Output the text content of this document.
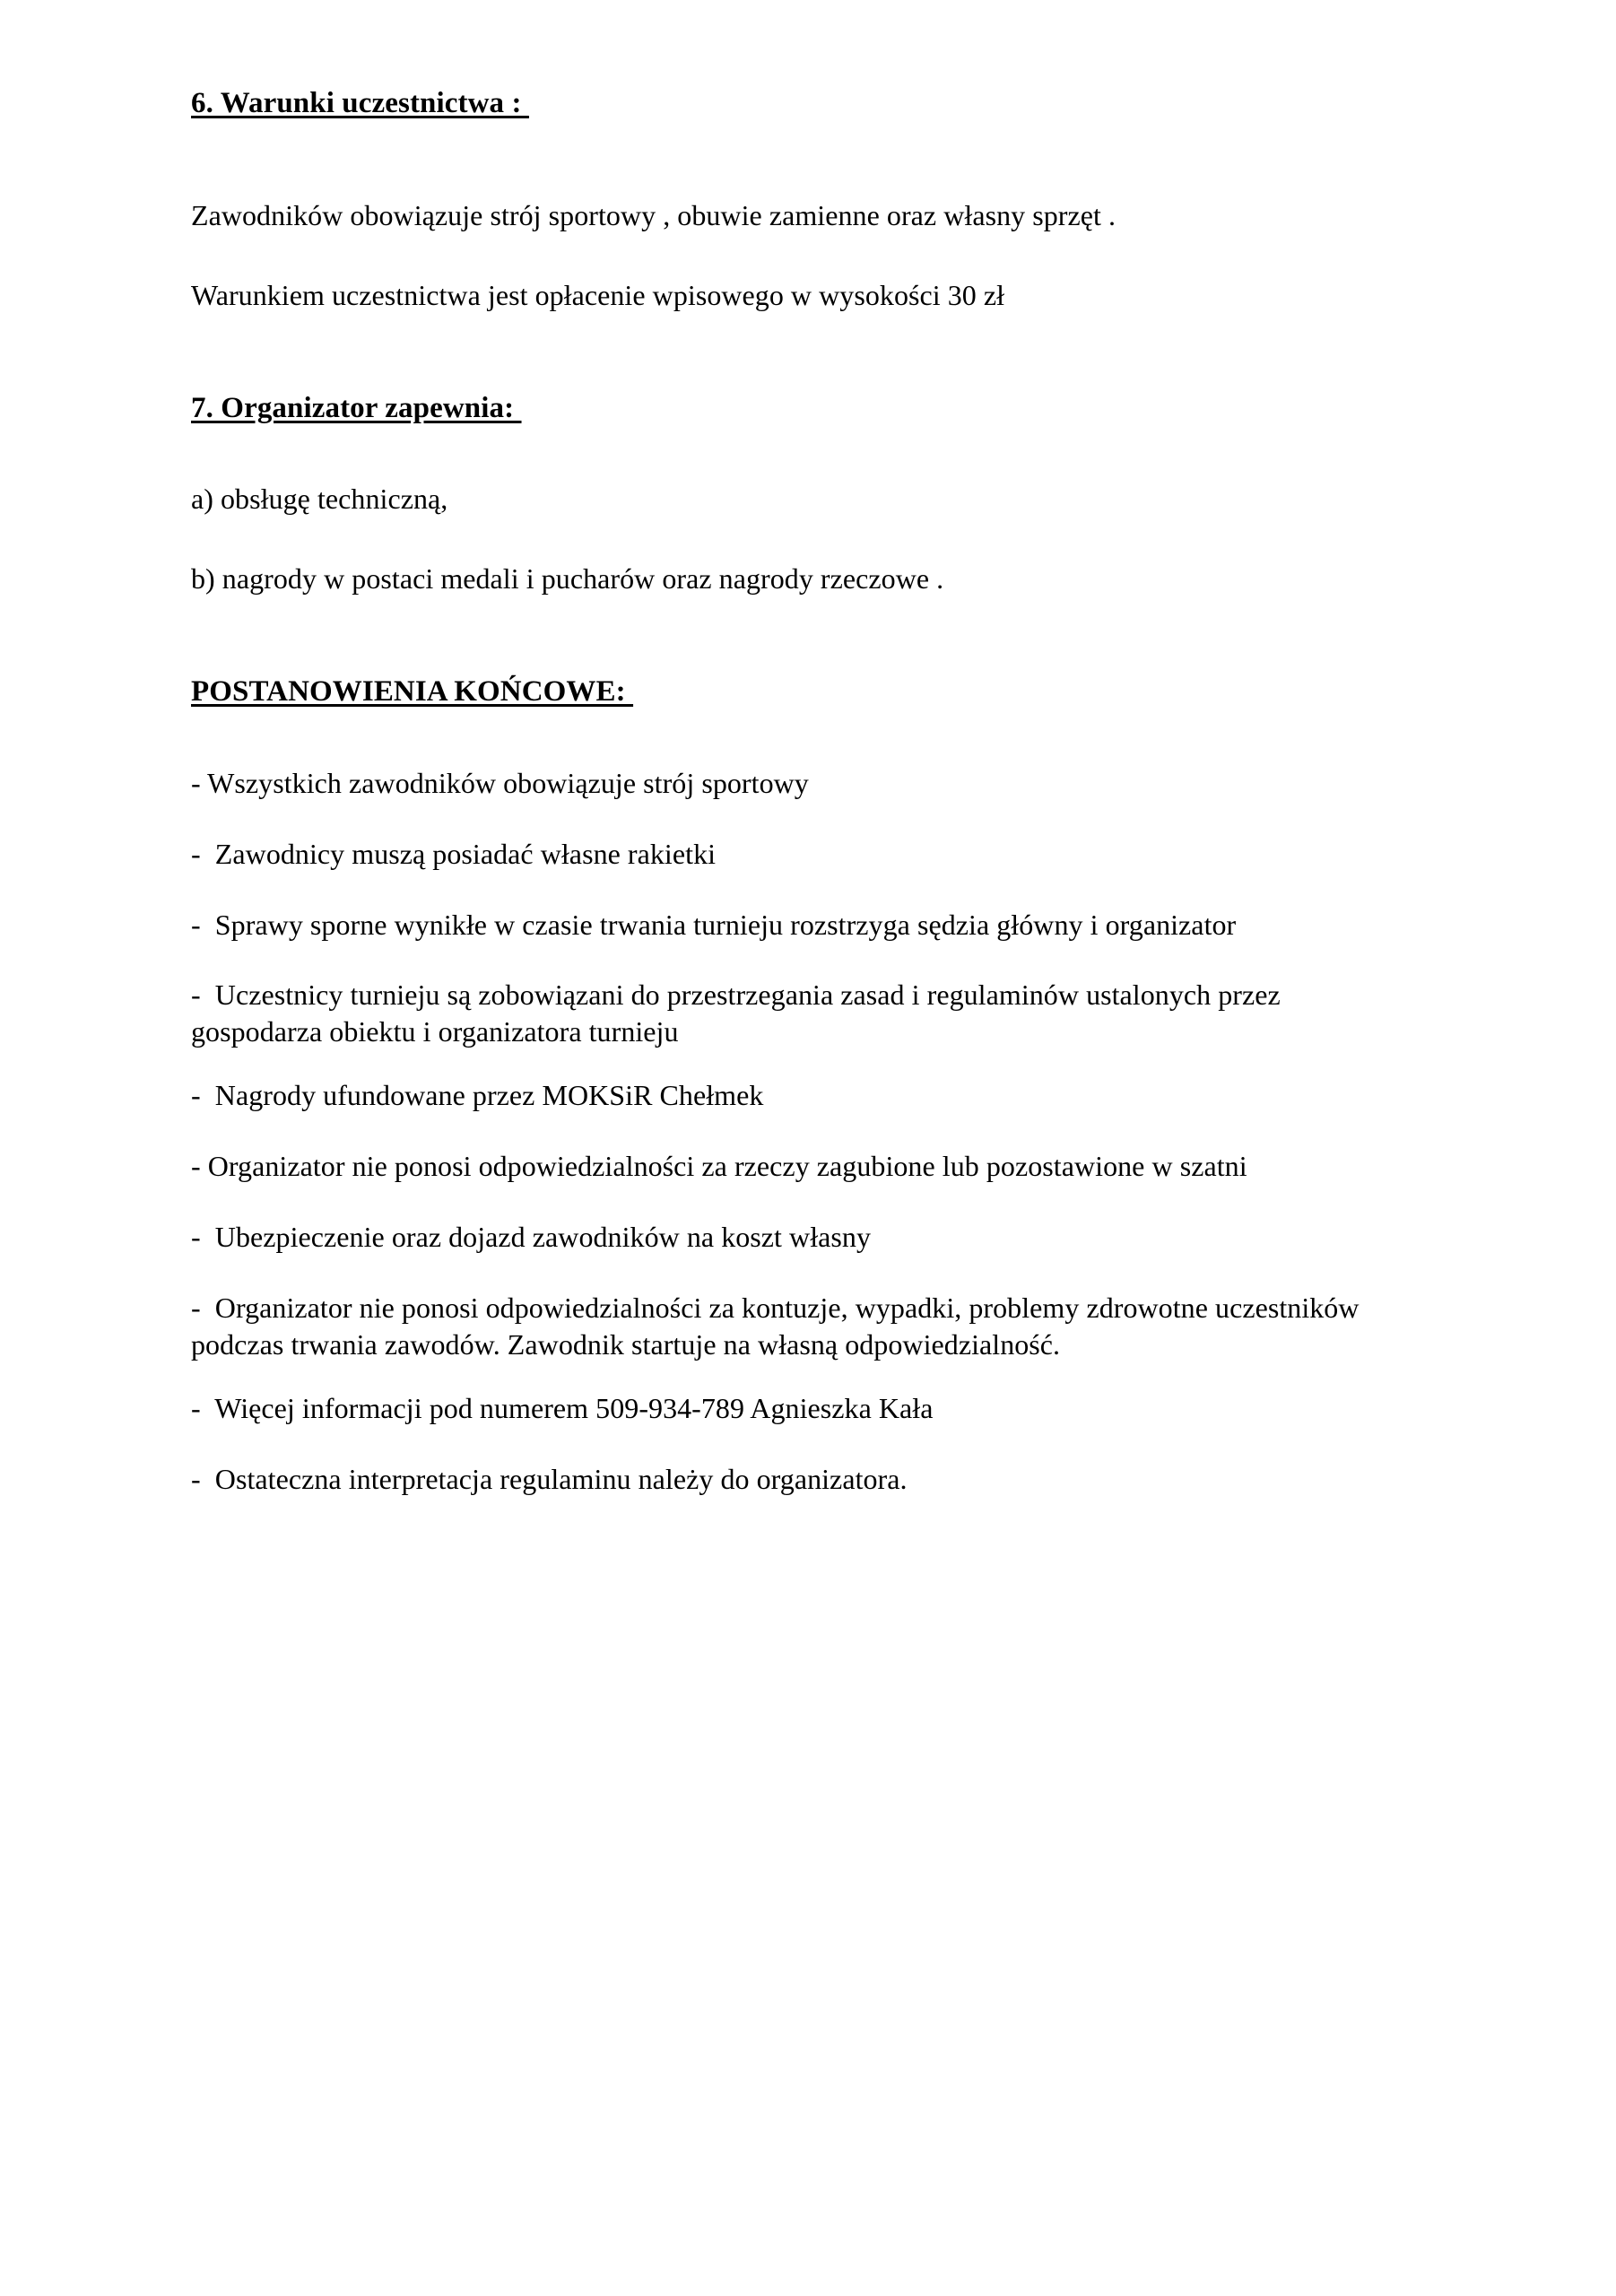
6. Warunki uczestnictwa :

Zawodników obowiązuje strój sportowy , obuwie zamienne oraz własny sprzęt .

Warunkiem uczestnictwa jest opłacenie wpisowego w wysokości 30 zł

7. Organizator zapewnia:

a) obsługę techniczną,

b) nagrody w postaci medali i pucharów oraz nagrody rzeczowe .

POSTANOWIENIA KOŃCOWE:

- Wszystkich zawodników obowiązuje strój sportowy

-  Zawodnicy muszą posiadać własne rakietki

-  Sprawy sporne wynikłe w czasie trwania turnieju rozstrzyga sędzia główny i organizator

-  Uczestnicy turnieju są zobowiązani do przestrzegania zasad i regulaminów ustalonych przez gospodarza obiektu i organizatora turnieju

-  Nagrody ufundowane przez MOKSiR Chełmek

- Organizator nie ponosi odpowiedzialności za rzeczy zagubione lub pozostawione w szatni

-  Ubezpieczenie oraz dojazd zawodników na koszt własny

-  Organizator nie ponosi odpowiedzialności za kontuzje, wypadki, problemy zdrowotne uczestników podczas trwania zawodów. Zawodnik startuje na własną odpowiedzialność.

-  Więcej informacji pod numerem 509-934-789 Agnieszka Kała

-  Ostateczna interpretacja regulaminu należy do organizatora.
